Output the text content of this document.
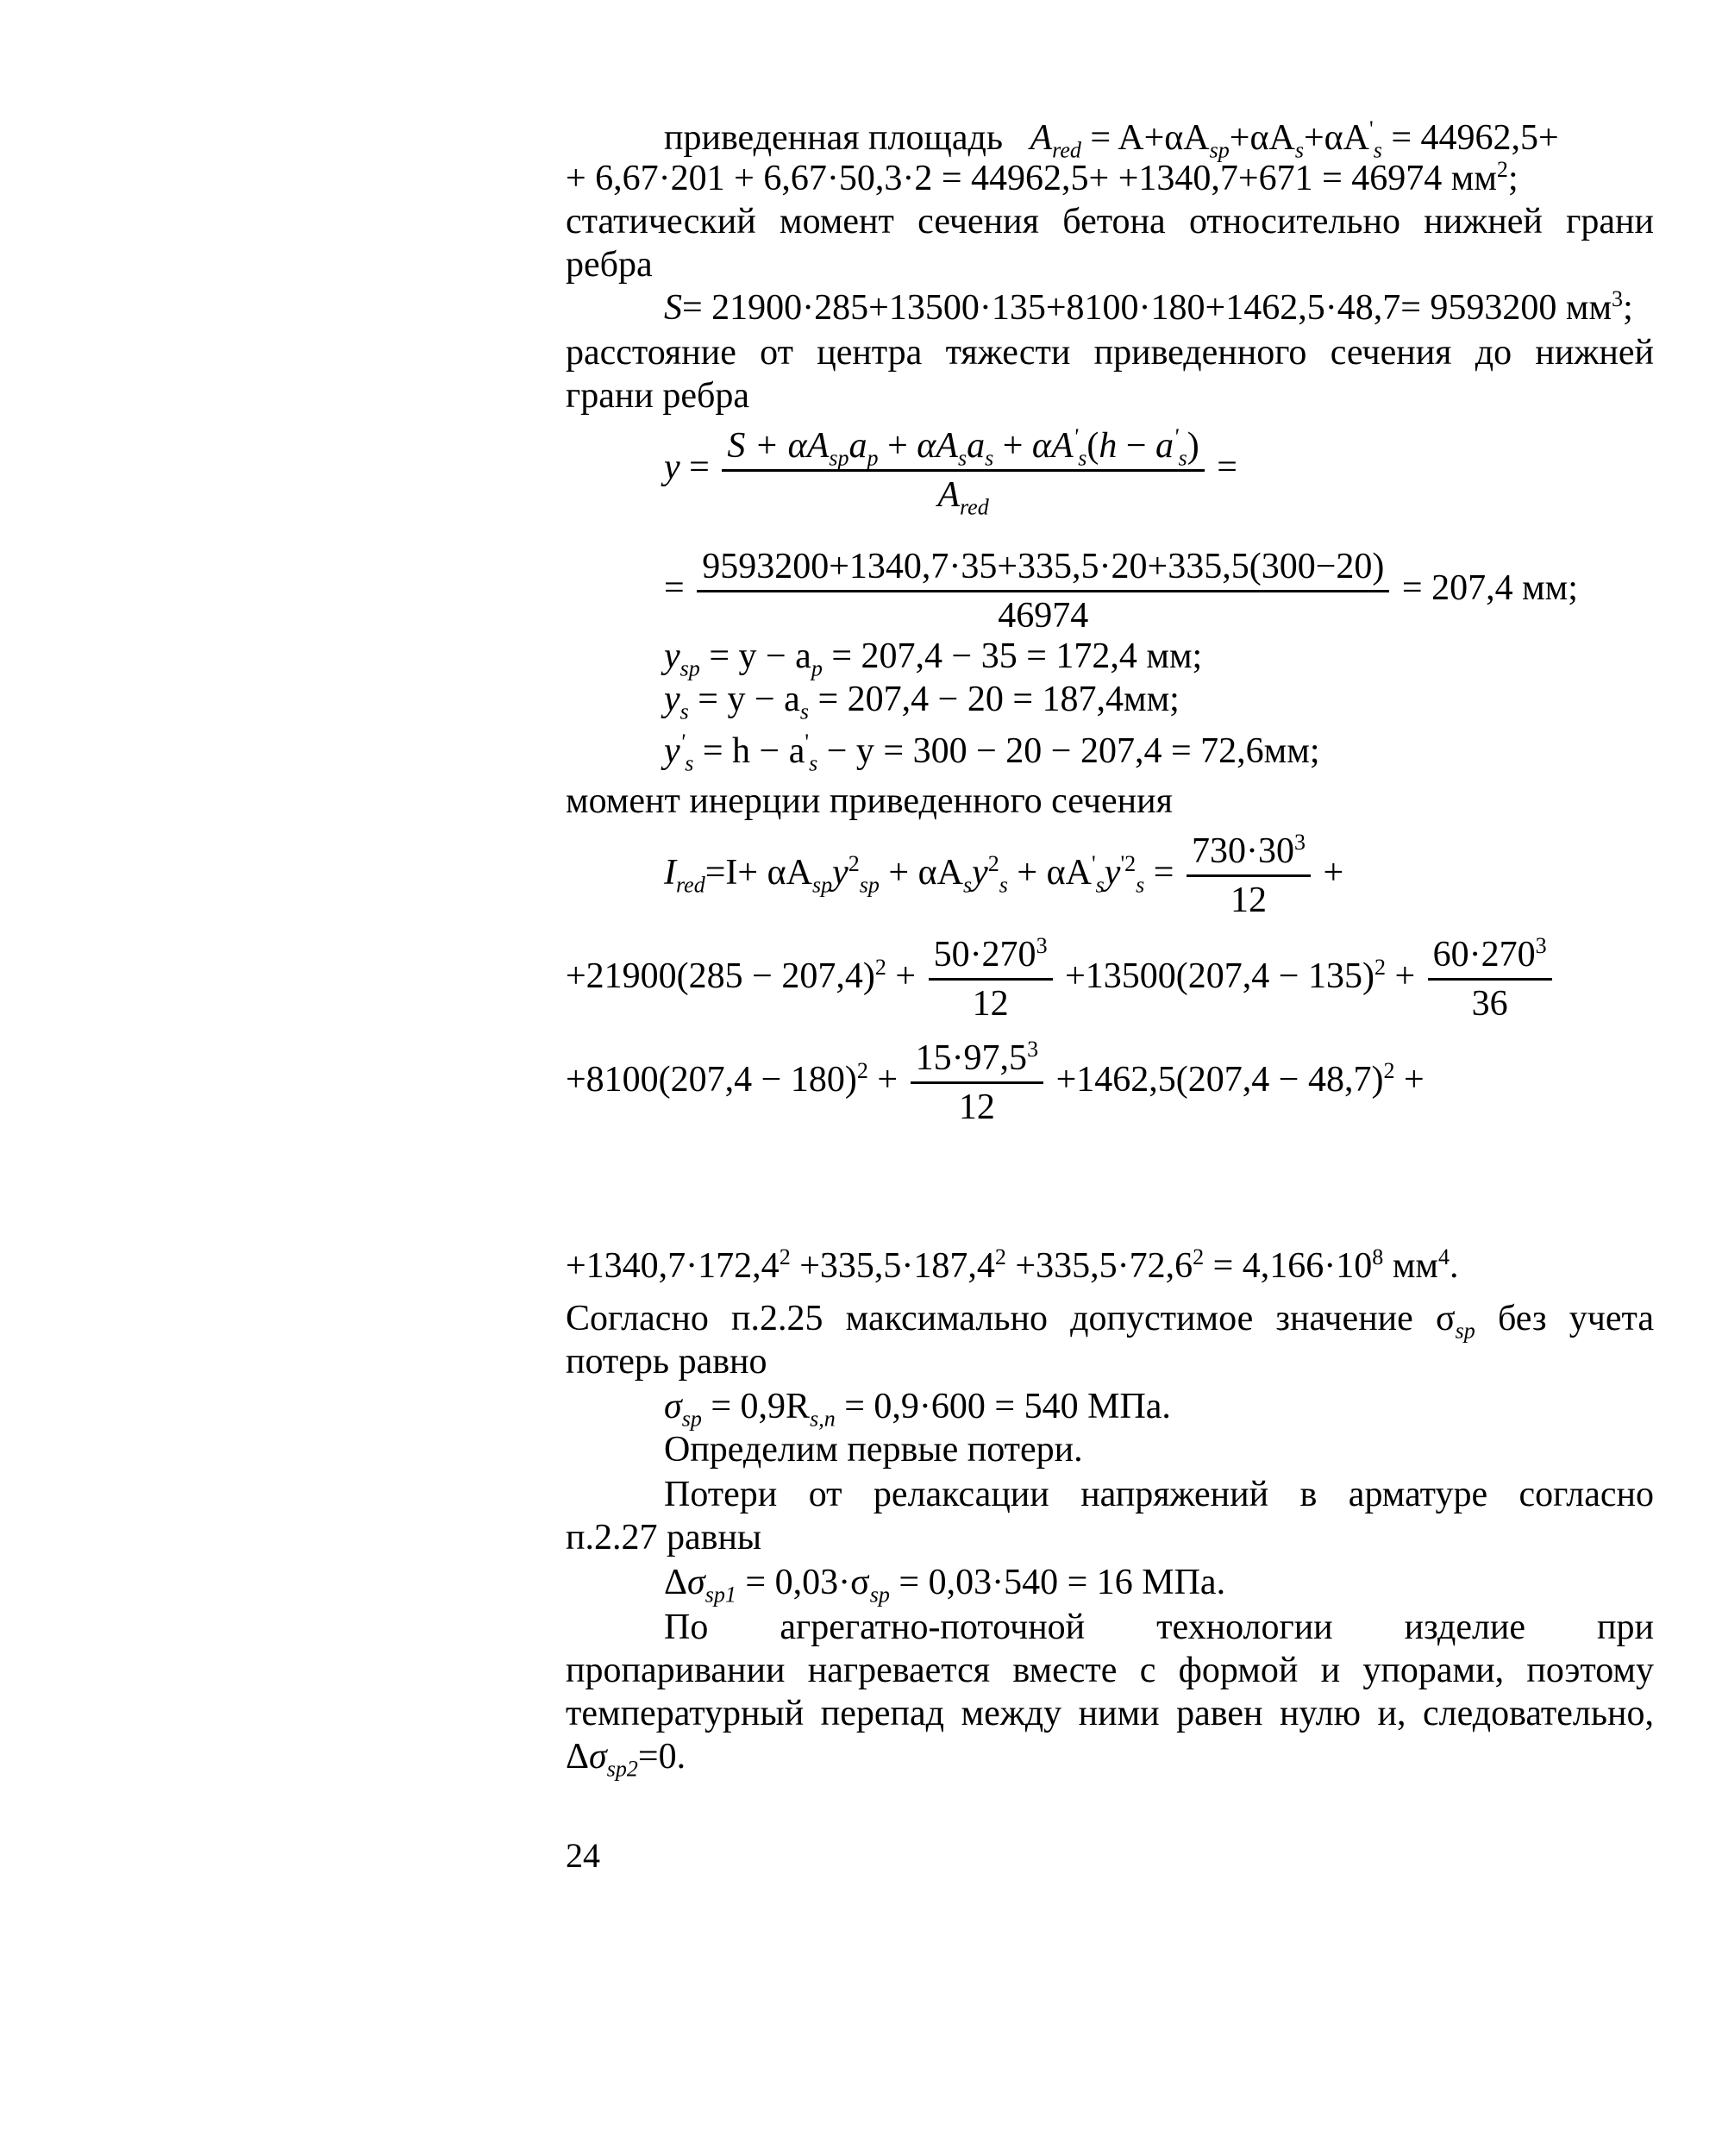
приведенная площадь $A_{red} = A+\alpha A_{sp}+\alpha A_s+\alpha A'_s = 44962,5+$
+ 6,67·201 + 6,67·50,3·2 = 44962,5+ +1340,7+671 = 46974 $мм^2$;
статический момент сечения бетона относительно нижней грани
ребра
S= 21900·285+13500·135+8100·180+1462,5·48,7= 9593200 $мм^3$;
расстояние от центра тяжести приведенного сечения до нижней
грани ребра
$y = \frac{S + \alpha A_{sp}a_p + \alpha A_sa_s + \alpha A'_s(h - a'_s)}{A_{red}}$ =
= $\frac{9593200+1340,7\cdot 35+335,5\cdot 20+335,5(300-20)}{46974} = 207,4$ мм;
$y_{sp} = y - a_p = 207,4 - 35 = 172,4$ мм;
$y_s = y - a_s = 207,4 - 20 = 187,4мм$;
$y'_s = h - a'_s - y = 300 - 20 - 207,4 = 72,6мм$;
момент инерции приведенного сечения
$I_{red}=I+ \alpha A_{sp}y^2_{sp} + \alpha A_sy^2_s + \alpha A'_sy^{'2}_s = \frac{730\cdot 30^3}{12}$ +
$+21900(285 - 207,4)^2 + \frac{50\cdot 270^3}{12} +13500(207,4 - 135)^2 + \frac{60\cdot 270^3}{36}$
$+8100(207,4 - 180)^2 + \frac{15\cdot 97,5^3}{12} +1462,5(207,4 - 48,7)^2$ +
$+1340,7\cdot 172,4^2 +335,5\cdot 187,4^2 +335,5\cdot 72,6^2 = 4,166\cdot 10^8$ $мм^4$.
Согласно п.2.25 максимально допустимое значение $\sigma_{sp}$ без учета
потерь равно
$\sigma_{sp} = 0,9R_{s,n} = 0,9\cdot 600 = 540$ МПа.
Определим первые потери.
Потери от релаксации напряжений в арматуре согласно
п.2.27 равны
$\Delta\sigma_{sp1} = 0,03\cdot\sigma_{sp} = 0,03\cdot 540 = 16$ МПа.
По агрегатно-поточной технологии изделие при
пропаривании нагревается вместе с формой и упорами, поэтому
температурный перепад между ними равен нулю и, следовательно,
$\Delta\sigma_{sp2}=0$.
24
